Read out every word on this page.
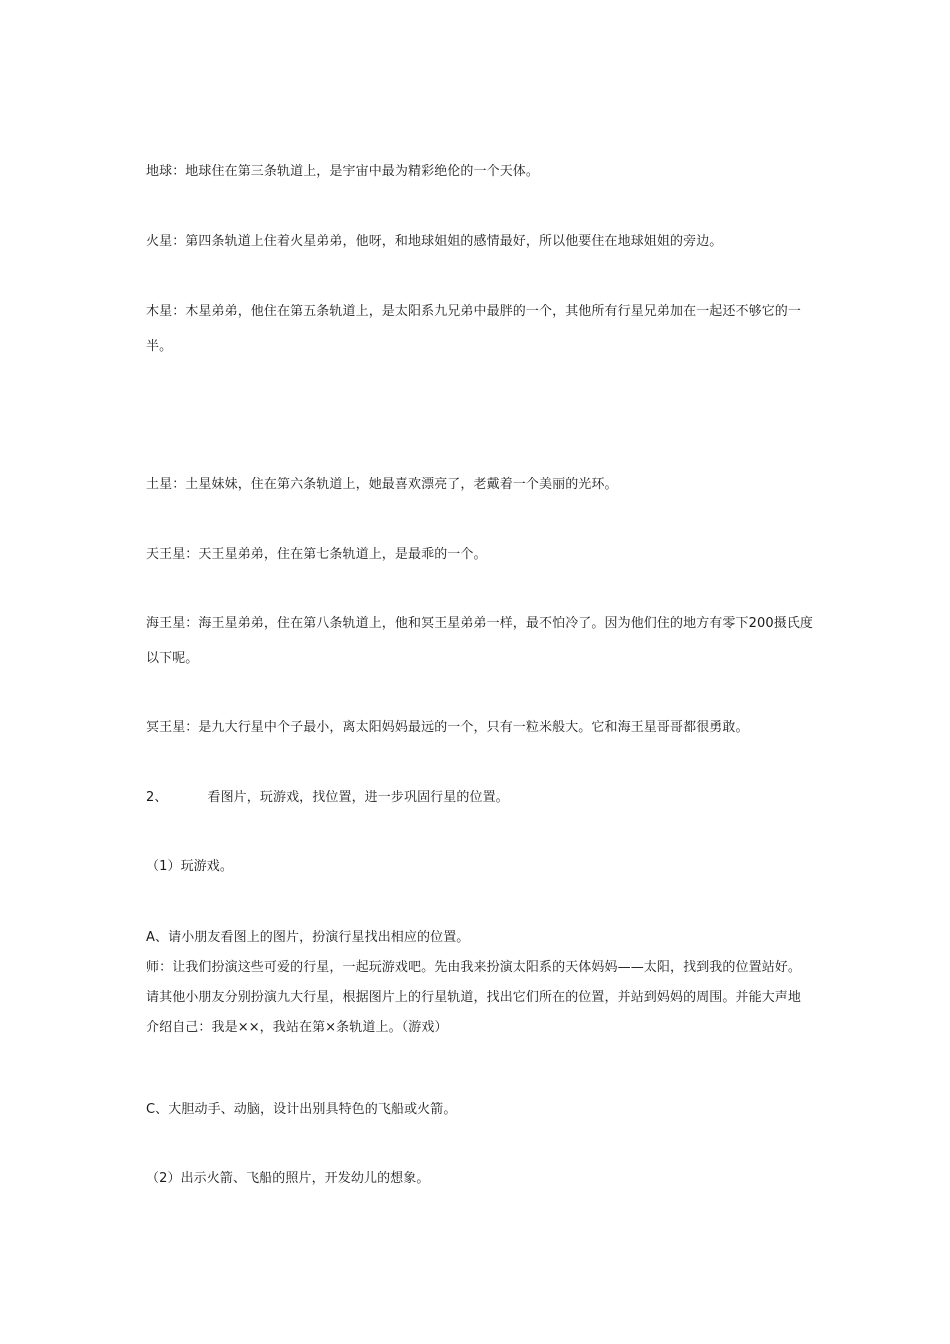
地球：地球住在第三条轨道上，是宇宙中最为精彩绝伦的一个天体。

火星：第四条轨道上住着火星弟弟，他呀，和地球姐姐的感情最好，所以他要住在地球姐姐的旁边。

木星：木星弟弟，他住在第五条轨道上，是太阳系九兄弟中最胖的一个，其他所有行星兄弟加在一起还不够它的一半。

土星：土星妹妹，住在第六条轨道上，她最喜欢漂亮了，老戴着一个美丽的光环。

天王星：天王星弟弟，住在第七条轨道上，是最乖的一个。

海王星：海王星弟弟，住在第八条轨道上，他和冥王星弟弟一样，最不怕冷了。因为他们住的地方有零下200摄氏度以下呢。

冥王星：是九大行星中个子最小，离太阳妈妈最远的一个，只有一粒米般大。它和海王星哥哥都很勇敢。

2、	看图片，玩游戏，找位置，进一步巩固行星的位置。

（1）玩游戏。

A、请小朋友看图上的图片，扮演行星找出相应的位置。

师：让我们扮演这些可爱的行星，一起玩游戏吧。先由我来扮演太阳系的天体妈妈——太阳，找到我的位置站好。请其他小朋友分别扮演九大行星，根据图片上的行星轨道，找出它们所在的位置，并站到妈妈的周围。并能大声地介绍自己：我是××，我站在第×条轨道上。（游戏）

C、大胆动手、动脑，设计出别具特色的飞船或火箭。

（2）出示火箭、飞船的照片，开发幼儿的想象。
